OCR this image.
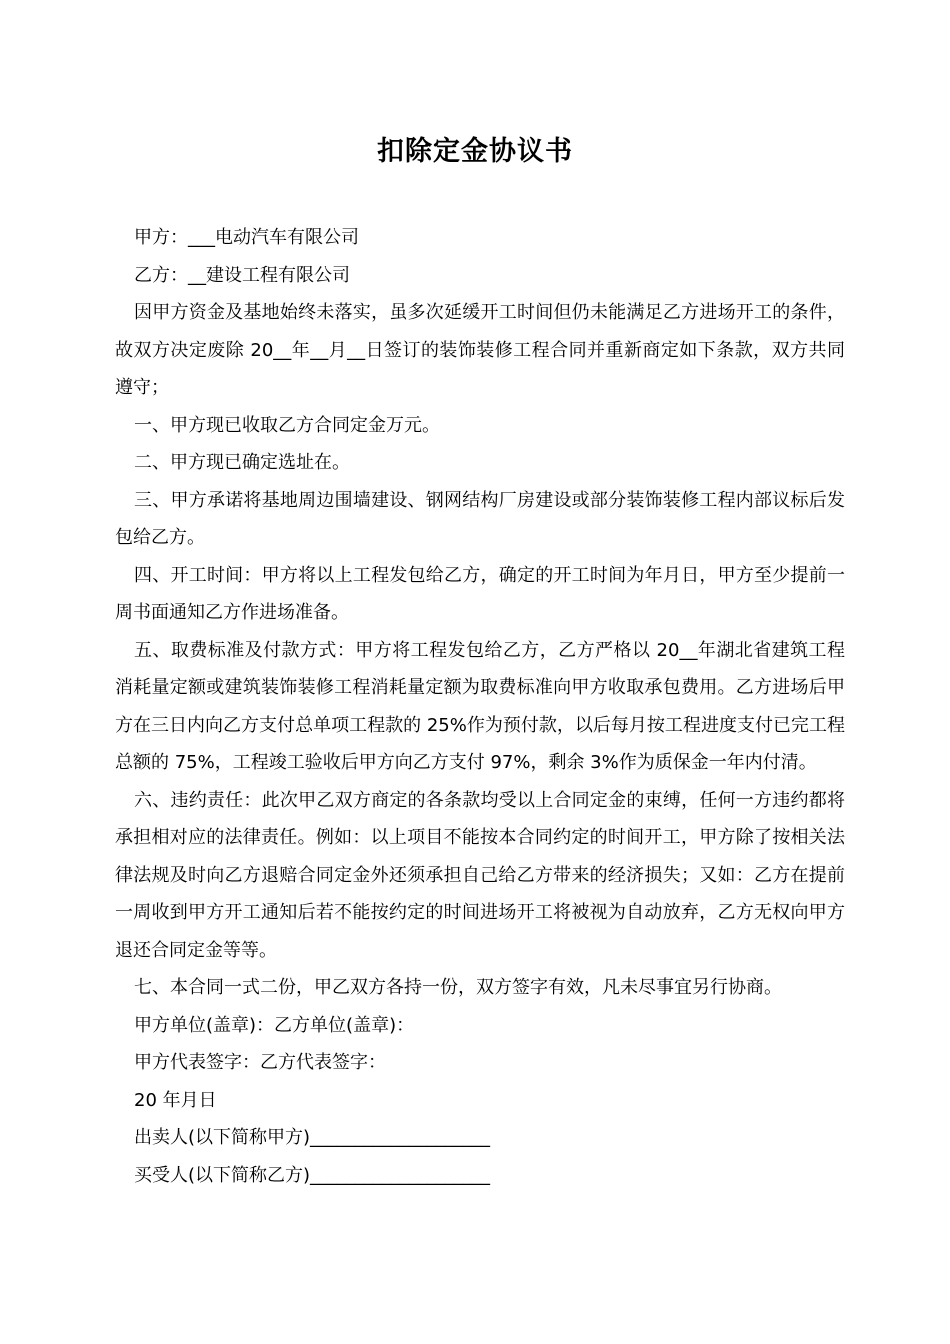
扣除定金协议书

甲方：___电动汽车有限公司

乙方：__建设工程有限公司

因甲方资金及基地始终未落实，虽多次延缓开工时间但仍未能满足乙方进场开工的条件，故双方决定废除 20__年__月__日签订的装饰装修工程合同并重新商定如下条款，双方共同遵守；

一、甲方现已收取乙方合同定金万元。

二、甲方现已确定选址在。

三、甲方承诺将基地周边围墙建设、钢网结构厂房建设或部分装饰装修工程内部议标后发包给乙方。

四、开工时间：甲方将以上工程发包给乙方，确定的开工时间为年月日，甲方至少提前一周书面通知乙方作进场准备。

五、取费标准及付款方式：甲方将工程发包给乙方，乙方严格以 20__年湖北省建筑工程消耗量定额或建筑装饰装修工程消耗量定额为取费标准向甲方收取承包费用。乙方进场后甲方在三日内向乙方支付总单项工程款的 25%作为预付款，以后每月按工程进度支付已完工程总额的 75%，工程竣工验收后甲方向乙方支付 97%，剩余 3%作为质保金一年内付清。

六、违约责任：此次甲乙双方商定的各条款均受以上合同定金的束缚，任何一方违约都将承担相对应的法律责任。例如：以上项目不能按本合同约定的时间开工，甲方除了按相关法律法规及时向乙方退赔合同定金外还须承担自己给乙方带来的经济损失；又如：乙方在提前一周收到甲方开工通知后若不能按约定的时间进场开工将被视为自动放弃，乙方无权向甲方退还合同定金等等。

七、本合同一式二份，甲乙双方各持一份，双方签字有效，凡未尽事宜另行协商。

甲方单位(盖章)：乙方单位(盖章)：

甲方代表签字：乙方代表签字：

20 年月日

出卖人(以下简称甲方)____________________

买受人(以下简称乙方)____________________
